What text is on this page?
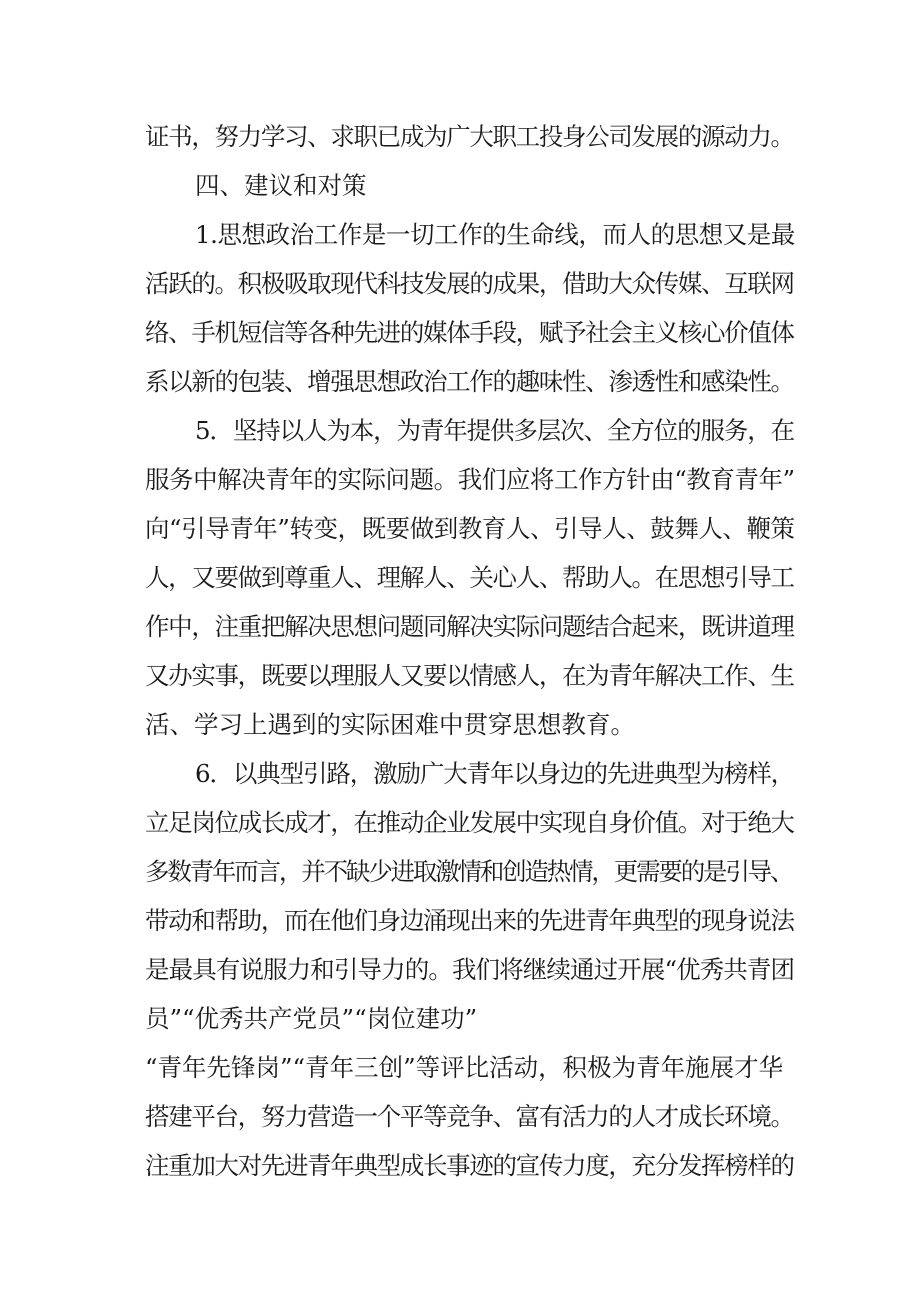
证书，努力学习、求职已成为广大职工投身公司发展的源动力。
四、建议和对策
1.思想政治工作是一切工作的生命线，而人的思想又是最
活跃的。积极吸取现代科技发展的成果，借助大众传媒、互联网
络、手机短信等各种先进的媒体手段，赋予社会主义核心价值体
系以新的包装、增强思想政治工作的趣味性、渗透性和感染性。
5．坚持以人为本，为青年提供多层次、全方位的服务，在
服务中解决青年的实际问题。我们应将工作方针由“教育青年”
向“引导青年”转变，既要做到教育人、引导人、鼓舞人、鞭策
人，又要做到尊重人、理解人、关心人、帮助人。在思想引导工
作中，注重把解决思想问题同解决实际问题结合起来，既讲道理
又办实事，既要以理服人又要以情感人，在为青年解决工作、生
活、学习上遇到的实际困难中贯穿思想教育。
6．以典型引路，激励广大青年以身边的先进典型为榜样，
立足岗位成长成才，在推动企业发展中实现自身价值。对于绝大
多数青年而言，并不缺少进取激情和创造热情，更需要的是引导、
带动和帮助，而在他们身边涌现出来的先进青年典型的现身说法
是最具有说服力和引导力的。我们将继续通过开展“优秀共青团
员”“优秀共产党员”“岗位建功”
“青年先锋岗”“青年三创”等评比活动，积极为青年施展才华
搭建平台，努力营造一个平等竞争、富有活力的人才成长环境。
注重加大对先进青年典型成长事迹的宣传力度，充分发挥榜样的
